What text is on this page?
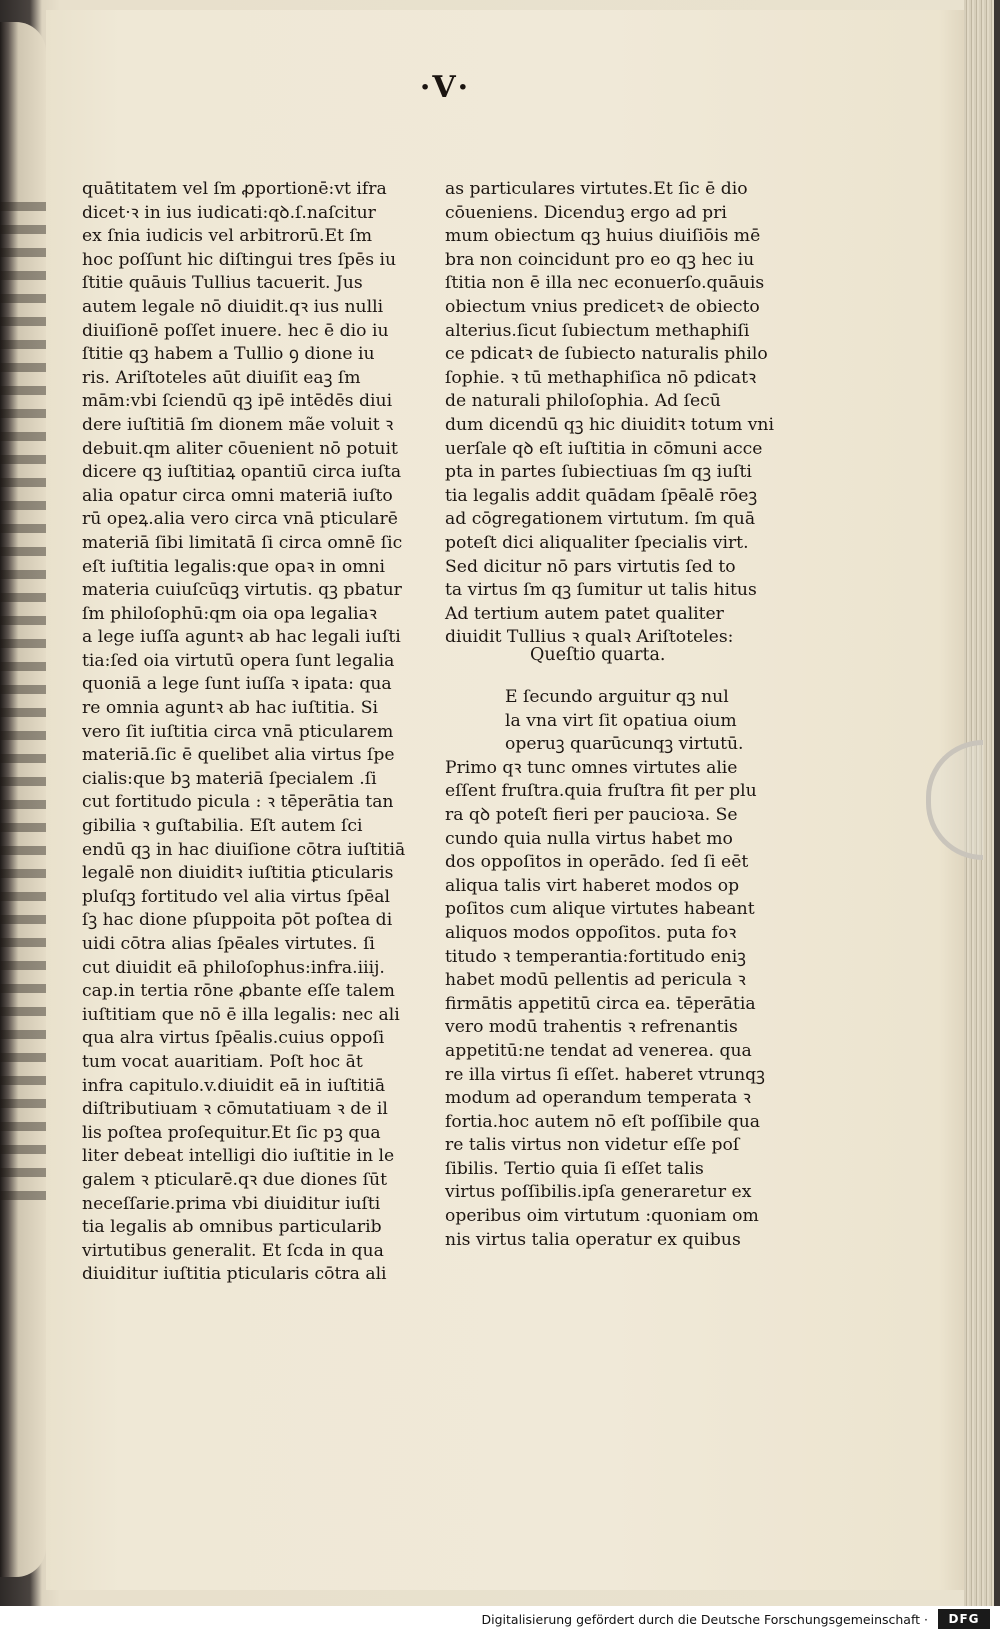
·V·
quātitatem vel ſm ꝓportionē:vt ifra
dicet·ꝛ in ius iudicati:qꝺ.ſ.naſcitur
ex ſnia iudicis vel arbitrorū.Et ſm
hoc poſſunt hic diſtingui tres ſpēs iu
ſtitie quāuis Tullius tacuerit. Jus
autem legale nō diuidit.qꝛ ius nulli
diuiſionē poſſet inuere. hec ē dio iu
ſtitie qꝫ habem a Tullio ꝯ dione iu
ris. Ariſtoteles aūt diuiſit eaꝫ ſm
mām:vbi ſciendū qꝫ ipē intēdēs diui
dere iuſtitiā ſm dionem mãe voluit ꝛ
debuit.qm aliter cōuenient nō potuit
dicere qꝫ iuſtitiaꝝ opantiū circa iuſta
alia opatur circa omni materiā iuſto
rū opeꝝ.alia vero circa vnā pticularē
materiā ſibi limitatā ſi circa omnē ſic
eſt iuſtitia legalis:que opaꝛ in omni
materia cuiuſcūqꝫ virtutis. qꝫ pbatur
ſm philoſophū:qm oia opa legaliaꝛ
a lege iuſſa aguntꝛ ab hac legali iuſti
tia:ſed oia virtutū opera ſunt legalia
quoniā a lege ſunt iuſſa ꝛ ipata: qua
re omnia aguntꝛ ab hac iuſtitia. Si
vero ſit iuſtitia circa vnā pticularem
materiā.ſic ē quelibet alia virtus ſpe
cialis:que bꝫ materiā ſpecialem .ſi
cut fortitudo picula : ꝛ tēperātia tan
gibilia ꝛ guſtabilia. Eſt autem ſci
endū qꝫ in hac diuiſione cōtra iuſtitiā
legalē non diuiditꝛ iuſtitia ꝑticularis
pluſqꝫ fortitudo vel alia virtus ſpēal
ſꝫ hac dione pſuppoita pōt poſtea di
uidi cōtra alias ſpēales virtutes. ſi
cut diuidit eā philoſophus:infra.iiij.
cap.in tertia rōne ꝓbante eſſe talem
iuſtitiam que nō ē illa legalis: nec ali
qua alra virtus ſpēalis.cuius oppoſi
tum vocat auaritiam. Poſt hoc āt
infra capitulo.v.diuidit eā in iuſtitiā
diſtributiuam ꝛ cōmutatiuam ꝛ de il
lis poſtea proſequitur.Et ſic pꝫ qua
liter debeat intelligi dio iuſtitie in le
galem ꝛ pticularē.qꝛ due diones ſūt
neceſſarie.prima vbi diuiditur iuſti
tia legalis ab omnibus particularib
virtutibus generalit. Et ſcda in qua
diuiditur iuſtitia pticularis cōtra ali
as particulares virtutes.Et ſic ē dio
cōueniens. Dicenduꝫ ergo ad pri
mum obiectum qꝫ huius diuiſiōis mē
bra non coincidunt pro eo qꝫ hec iu
ſtitia non ē illa nec econuerſo.quāuis
obiectum vnius predicetꝛ de obiecto
alterius.ſicut ſubiectum methaphiſi
ce pdicatꝛ de ſubiecto naturalis philo
ſophie. ꝛ tū methaphiſica nō pdicatꝛ
de naturali philoſophia. Ad ſecū
dum dicendū qꝫ hic diuiditꝛ totum vni
uerſale qꝺ eſt iuſtitia in cōmuni acce
pta in partes ſubiectiuas ſm qꝫ iuſti
tia legalis addit quādam ſpēalē rōeꝫ
ad cōgregationem virtutum. ſm quā
poteſt dici aliqualiter ſpecialis virt.
Sed dicitur nō pars virtutis ſed to
ta virtus ſm qꝫ ſumitur ut talis hitus
Ad tertium autem patet qualiter
diuidit Tullius ꝛ qualꝛ Ariſtoteles:
Queſtio quarta.
E ſecundo arguitur qꝫ nul
la vna virt ſit opatiua oium
operuꝫ quarūcunqꝫ virtutū.
Primo qꝛ tunc omnes virtutes alie
eſſent fruſtra.quia fruſtra fit per plu
ra qꝺ poteſt fieri per paucioꝛa. Se
cundo quia nulla virtus habet mo
dos oppoſitos in operādo. ſed ſi eēt
aliqua talis virt haberet modos op
poſitos cum alique virtutes habeant
aliquos modos oppoſitos. puta foꝛ
titudo ꝛ temperantia:fortitudo eniꝫ
habet modū pellentis ad pericula ꝛ
firmātis appetitū circa ea. tēperātia
vero modū trahentis ꝛ refrenantis
appetitū:ne tendat ad venerea. qua
re illa virtus ſi eſſet. haberet vtrunqꝫ
modum ad operandum temperata ꝛ
fortia.hoc autem nō eſt poſſibile qua
re talis virtus non videtur eſſe poſ
ſibilis. Tertio quia ſi eſſet talis
virtus poſſibilis.ipſa generaretur ex
operibus oim virtutum :quoniam om
nis virtus talia operatur ex quibus
Digitalisierung gefördert durch die Deutsche Forschungsgemeinschaft ·	DFG
